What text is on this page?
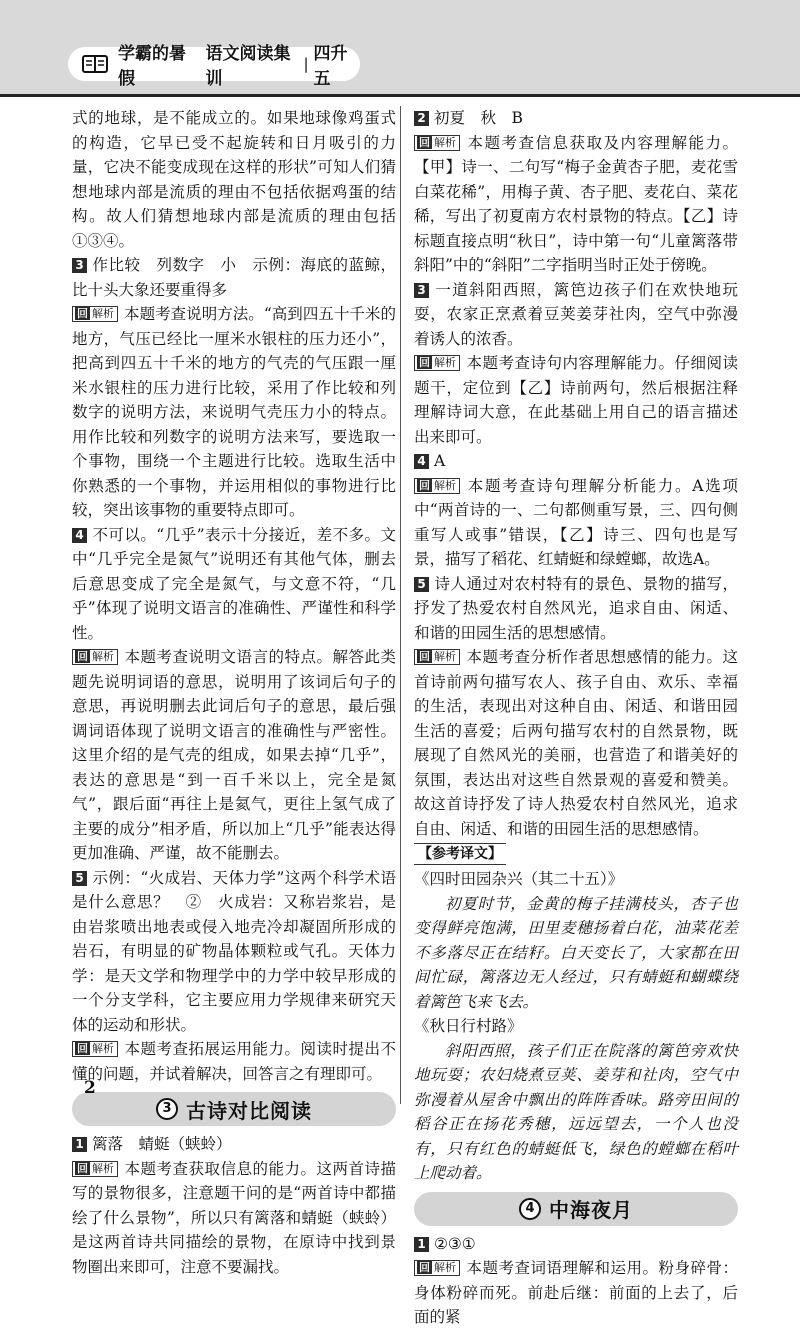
学霸的暑假
语文阅读集训
| 四升五

式的地球，是不能成立的。如果地球像鸡蛋式的构造，它早已受不起旋转和日月吸引的力量，它决不能变成现在这样的形状”可知人们猜想地球内部是流质的理由不包括依据鸡蛋的结构。故人们猜想地球内部是流质的理由包括①③④。

3 作比较　列数字　小　示例：海底的蓝鲸，比十头大象还要重得多

回 解析 本题考查说明方法。“高到四五十千米的地方，气压已经比一厘米水银柱的压力还小”，把高到四五十千米的地方的气壳的气压跟一厘米水银柱的压力进行比较，采用了作比较和列数字的说明方法，来说明气壳压力小的特点。用作比较和列数字的说明方法来写，要选取一个事物，围绕一个主题进行比较。选取生活中你熟悉的一个事物，并运用相似的事物进行比较，突出该事物的重要特点即可。

4 不可以。“几乎”表示十分接近，差不多。文中“几乎完全是氮气”说明还有其他气体，删去后意思变成了完全是氮气，与文意不符，“几乎”体现了说明文语言的准确性、严谨性和科学性。

回 解析 本题考查说明文语言的特点。解答此类题先说明词语的意思，说明用了该词后句子的意思，再说明删去此词后句子的意思，最后强调词语体现了说明文语言的准确性与严密性。这里介绍的是气壳的组成，如果去掉“几乎”，表达的意思是“到一百千米以上，完全是氮气”，跟后面“再往上是氦气，更往上氢气成了主要的成分”相矛盾，所以加上“几乎”能表达得更加准确、严谨，故不能删去。

5 示例：“火成岩、天体力学”这两个科学术语是什么意思？　②　火成岩：又称岩浆岩，是由岩浆喷出地表或侵入地壳冷却凝固所形成的岩石，有明显的矿物晶体颗粒或气孔。天体力学：是天文学和物理学中的力学中较早形成的一个分支学科，它主要应用力学规律来研究天体的运动和形状。

回 解析 本题考查拓展运用能力。阅读时提出不懂的问题，并试着解决，回答言之有理即可。

3 古诗对比阅读

1 篱落　蜻蜓（蛱蛉）

回 解析 本题考查获取信息的能力。这两首诗描写的景物很多，注意题干问的是“两首诗中都描绘了什么景物”，所以只有篱落和蜻蜓（蛱蛉）是这两首诗共同描绘的景物，在原诗中找到景物圈出来即可，注意不要漏找。

2 初夏　秋　B

回 解析 本题考查信息获取及内容理解能力。【甲】诗一、二句写“梅子金黄杏子肥，麦花雪白菜花稀”，用梅子黄、杏子肥、麦花白、菜花稀，写出了初夏南方农村景物的特点。【乙】诗标题直接点明“秋日”，诗中第一句“儿童篱落带斜阳”中的“斜阳”二字指明当时正处于傍晚。

3 一道斜阳西照，篱笆边孩子们在欢快地玩耍，农家正烹煮着豆荚姜芽社肉，空气中弥漫着诱人的浓香。

回 解析 本题考查诗句内容理解能力。仔细阅读题干，定位到【乙】诗前两句，然后根据注释理解诗词大意，在此基础上用自己的语言描述出来即可。

4 A

回 解析 本题考查诗句理解分析能力。A选项中“两首诗的一、二句都侧重写景，三、四句侧重写人或事”错误，【乙】诗三、四句也是写景，描写了稻花、红蜻蜓和绿螳螂，故选A。

5 诗人通过对农村特有的景色、景物的描写，抒发了热爱农村自然风光，追求自由、闲适、和谐的田园生活的思想感情。

回 解析 本题考查分析作者思想感情的能力。这首诗前两句描写农人、孩子自由、欢乐、幸福的生活，表现出对这种自由、闲适、和谐田园生活的喜爱；后两句描写农村的自然景物，既展现了自然风光的美丽，也营造了和谐美好的氛围，表达出对这些自然景观的喜爱和赞美。故这首诗抒发了诗人热爱农村自然风光，追求自由、闲适、和谐的田园生活的思想感情。

【参考译文】

《四时田园杂兴（其二十五）》

初夏时节，金黄的梅子挂满枝头，杏子也变得鲜亮饱满，田里麦穗扬着白花，油菜花差不多落尽正在结籽。白天变长了，大家都在田间忙碌，篱落边无人经过，只有蜻蜓和蝴蝶绕着篱笆飞来飞去。

《秋日行村路》

斜阳西照，孩子们正在院落的篱笆旁欢快地玩耍；农妇烧煮豆荚、姜芽和社肉，空气中弥漫着从屋舍中飘出的阵阵香味。路旁田间的稻谷正在扬花秀穗，远远望去，一个人也没有，只有红色的蜻蜓低飞，绿色的螳螂在稻叶上爬动着。

4 中海夜月

1 ②③①

回 解析 本题考查词语理解和运用。粉身碎骨：身体粉碎而死。前赴后继：前面的上去了，后面的紧

2
